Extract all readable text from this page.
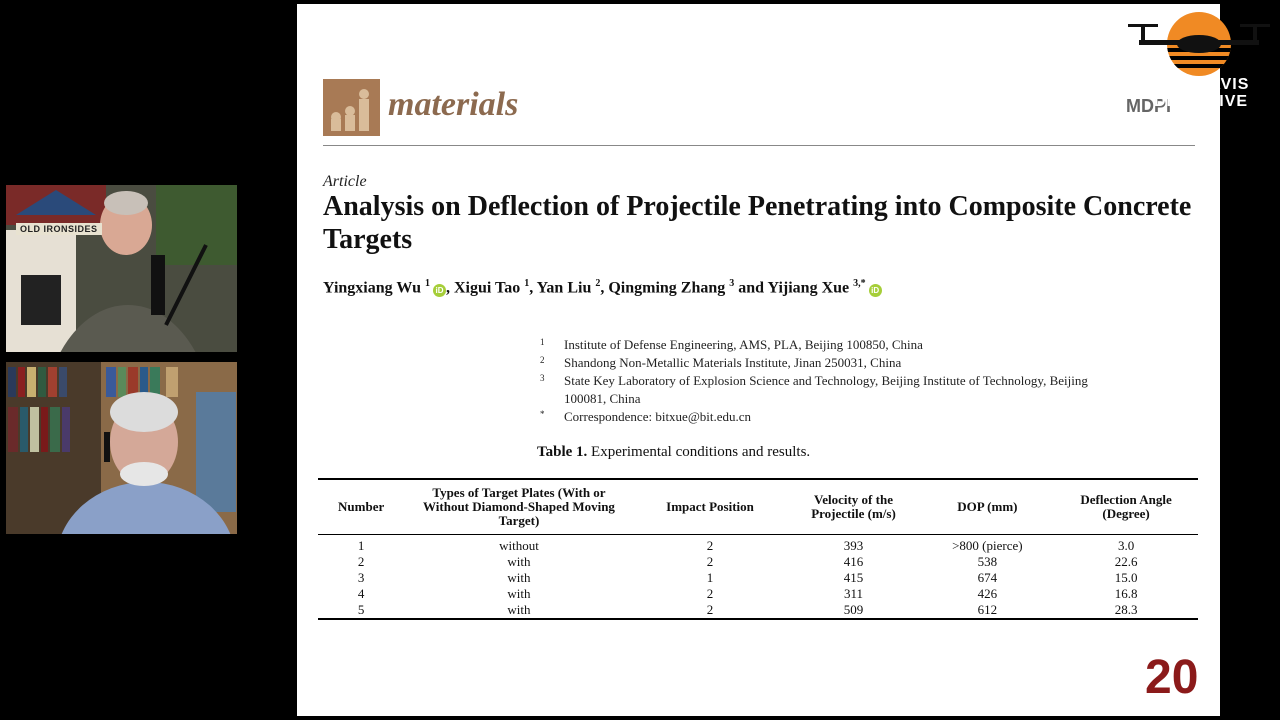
OLD IRONSIDES
materials	MDPI
Article
Analysis on Deflection of Projectile Penetrating into Composite Concrete Targets
Yingxiang Wu $^1$iD , Xigui Tao $^1$, Yan Liu $^2$, Qingming Zhang $^3$ and Yijiang Xue $^{3,*}$iD
1 Institute of Defense Engineering, AMS, PLA, Beijing 100850, China
2 Shandong Non-Metallic Materials Institute, Jinan 250031, China
3 State Key Laboratory of Explosion Science and Technology, Beijing Institute of Technology, Beijing 100081, China
* Correspondence: bitxue@bit.edu.cn
Table 1. Experimental conditions and results.
Number	Types of Target Plates (With or Without Diamond-Shaped Moving Target)	Impact Position	Velocity of the Projectile (m/s)	DOP (mm)	Deflection Angle (Degree)
1	without	2	393	>800 (pierce)	3.0
2	with	2	416	538	22.6
3	with	1	415	674	15.0
4	with	2	311	426	16.8
5	with	2	509	612	28.3
20
DANIEL DAVIS
DEEP DIVE
